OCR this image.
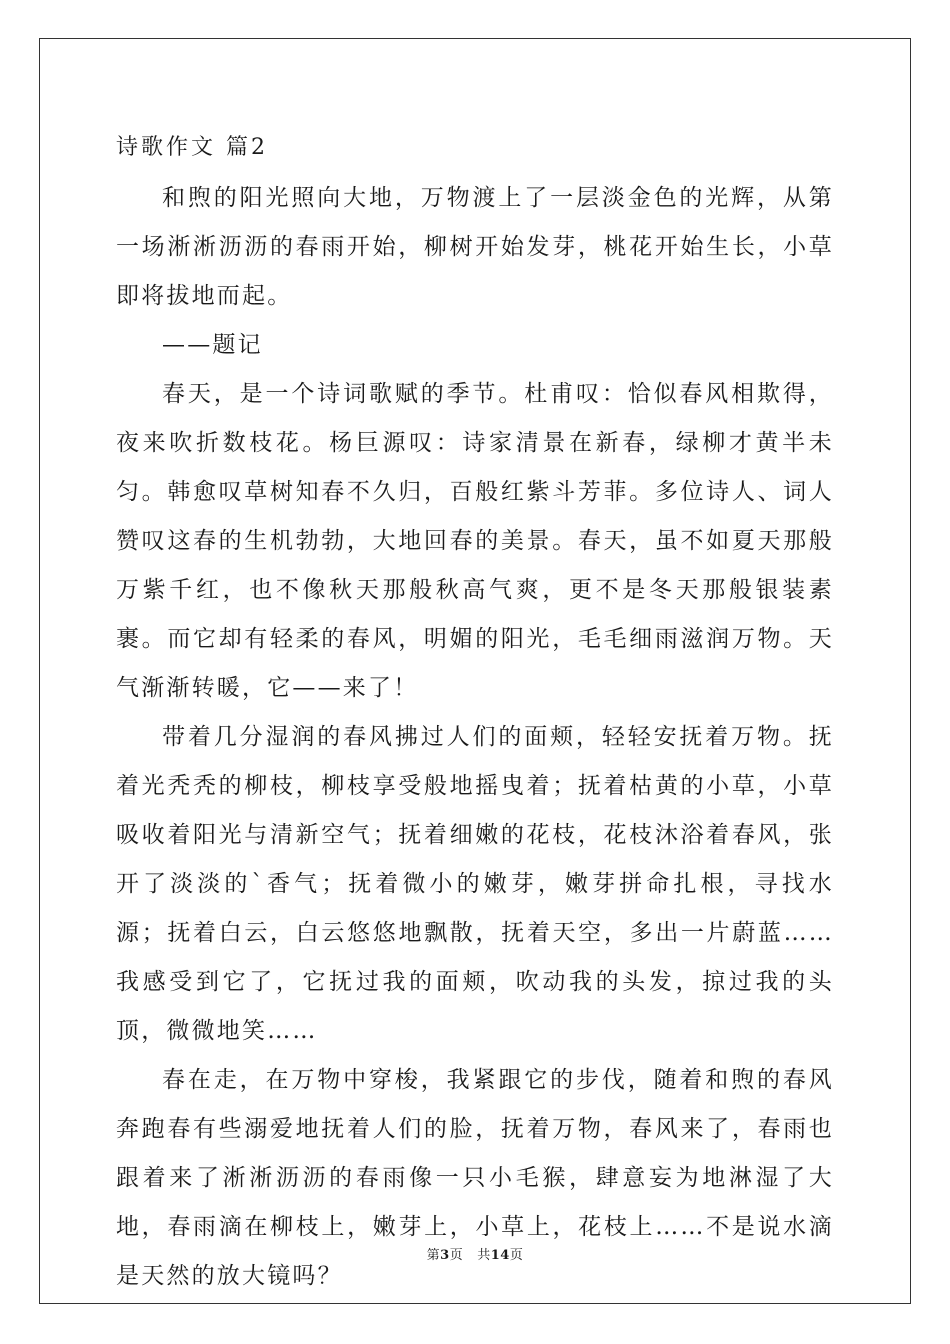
诗歌作文 篇2

和煦的阳光照向大地，万物渡上了一层淡金色的光辉，从第一场淅淅沥沥的春雨开始，柳树开始发芽，桃花开始生长，小草即将拔地而起。

——题记

春天，是一个诗词歌赋的季节。杜甫叹：恰似春风相欺得，夜来吹折数枝花。杨巨源叹：诗家清景在新春，绿柳才黄半未匀。韩愈叹草树知春不久归，百般红紫斗芳菲。多位诗人、词人赞叹这春的生机勃勃，大地回春的美景。春天，虽不如夏天那般万紫千红，也不像秋天那般秋高气爽，更不是冬天那般银装素裹。而它却有轻柔的春风，明媚的阳光，毛毛细雨滋润万物。天气渐渐转暖，它——来了！

带着几分湿润的春风拂过人们的面颊，轻轻安抚着万物。抚着光秃秃的柳枝，柳枝享受般地摇曳着；抚着枯黄的小草，小草吸收着阳光与清新空气；抚着细嫩的花枝，花枝沐浴着春风，张开了淡淡的`香气；抚着微小的嫩芽，嫩芽拼命扎根，寻找水源；抚着白云，白云悠悠地飘散，抚着天空，多出一片蔚蓝……我感受到它了，它抚过我的面颊，吹动我的头发，掠过我的头顶，微微地笑……

春在走，在万物中穿梭，我紧跟它的步伐，随着和煦的春风奔跑春有些溺爱地抚着人们的脸，抚着万物，春风来了，春雨也跟着来了淅淅沥沥的春雨像一只小毛猴，肆意妄为地淋湿了大地，春雨滴在柳枝上，嫩芽上，小草上，花枝上……不是说水滴是天然的放大镜吗？

第3页 共14页
